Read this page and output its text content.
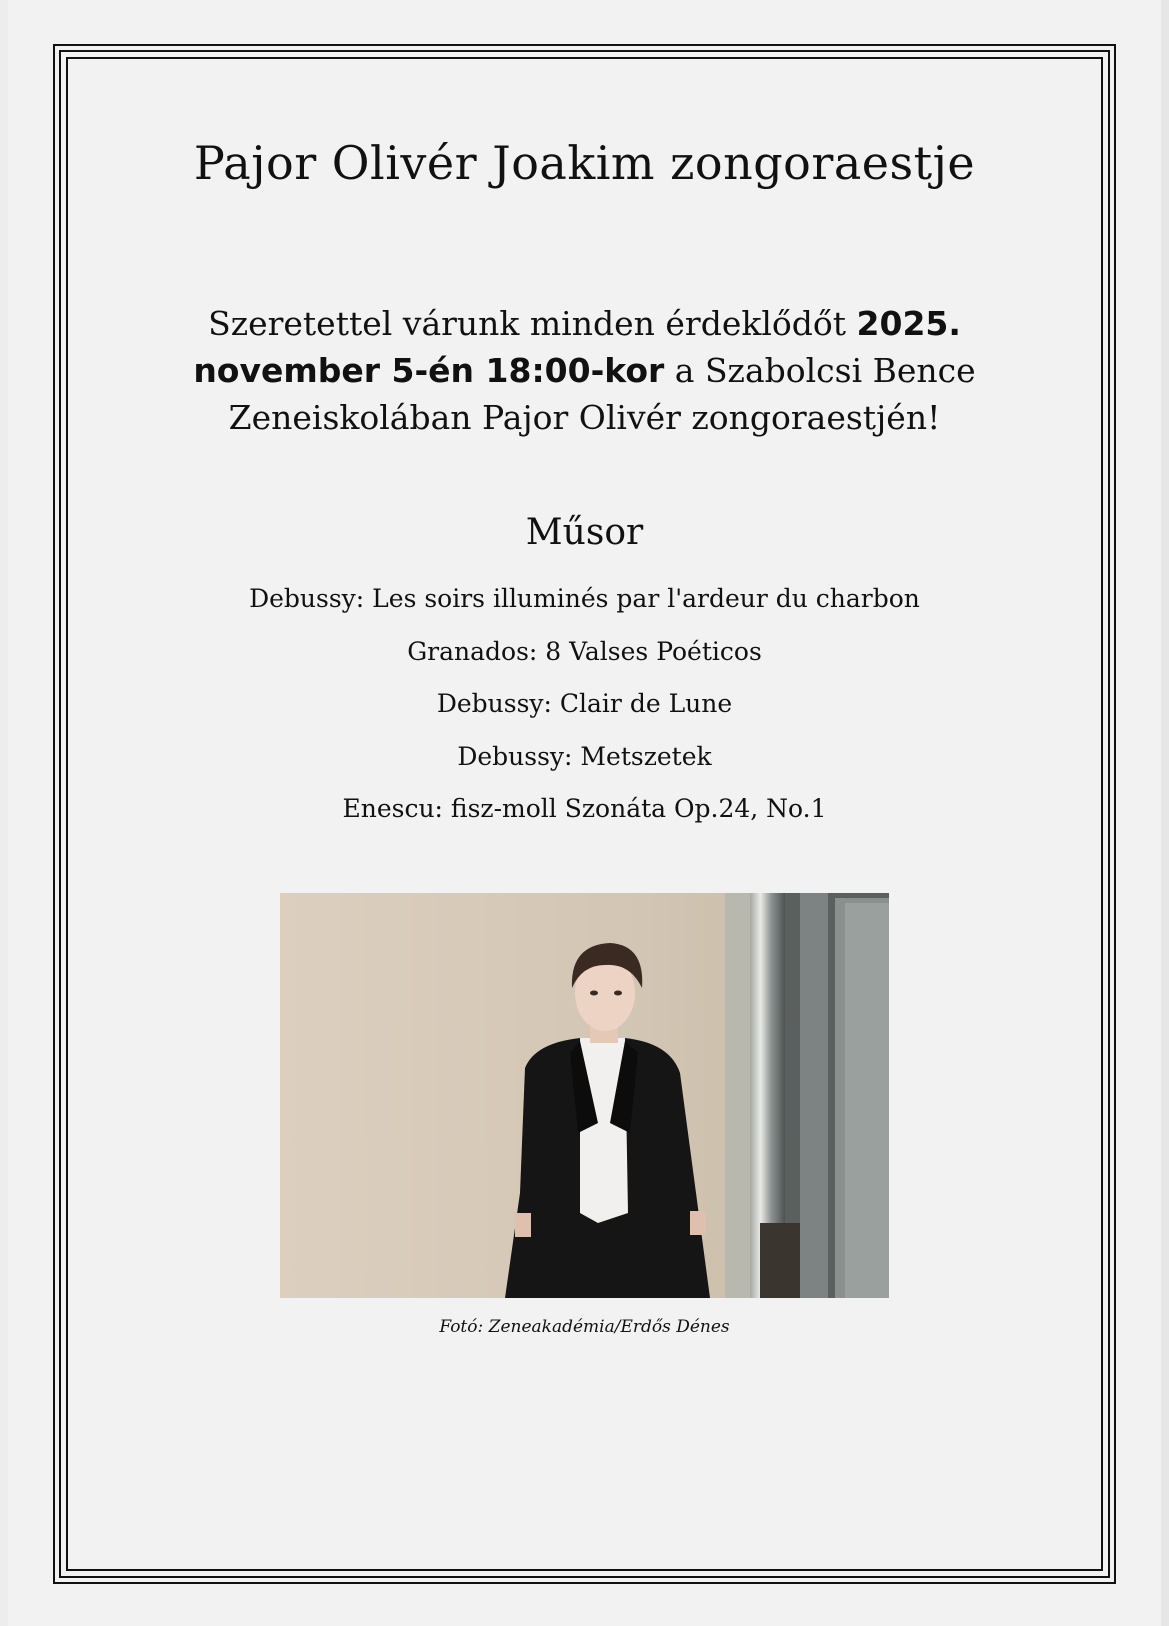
Pajor Olivér Joakim zongoraestje

Szeretettel várunk minden érdeklődőt 2025. november 5-én 18:00-kor a Szabolcsi Bence Zeneiskolában Pajor Olivér zongoraestjén!

Műsor
Debussy: Les soirs illuminés par l'ardeur du charbon
Granados: 8 Valses Poéticos
Debussy: Clair de Lune
Debussy: Metszetek
Enescu: fisz-moll Szonáta Op.24, No.1
Fotó: Zeneakadémia/Erdős Dénes
